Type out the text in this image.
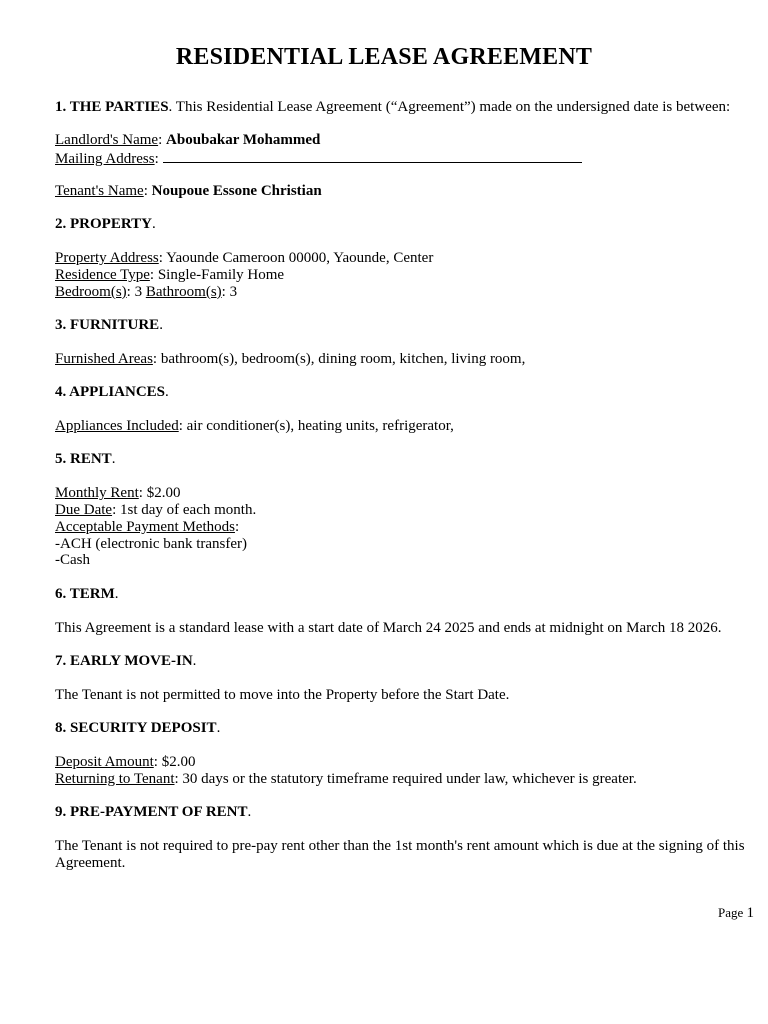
RESIDENTIAL LEASE AGREEMENT
1. THE PARTIES. This Residential Lease Agreement (“Agreement”) made on the undersigned date is between:
Landlord's Name: Aboubakar Mohammed
Mailing Address:
Tenant's Name: Noupoue Essone Christian
2. PROPERTY.
Property Address: Yaounde Cameroon 00000, Yaounde, Center
Residence Type: Single-Family Home
Bedroom(s): 3 Bathroom(s): 3
3. FURNITURE.
Furnished Areas: bathroom(s), bedroom(s), dining room, kitchen, living room,
4. APPLIANCES.
Appliances Included: air conditioner(s), heating units, refrigerator,
5. RENT.
Monthly Rent: $2.00
Due Date: 1st day of each month.
Acceptable Payment Methods:
-ACH (electronic bank transfer)
-Cash
6. TERM.
This Agreement is a standard lease with a start date of March 24 2025 and ends at midnight on March 18 2026.
7. EARLY MOVE-IN.
The Tenant is not permitted to move into the Property before the Start Date.
8. SECURITY DEPOSIT.
Deposit Amount: $2.00
Returning to Tenant: 30 days or the statutory timeframe required under law, whichever is greater.
9. PRE-PAYMENT OF RENT.
The Tenant is not required to pre-pay rent other than the 1st month's rent amount which is due at the signing of this Agreement.
Page 1
